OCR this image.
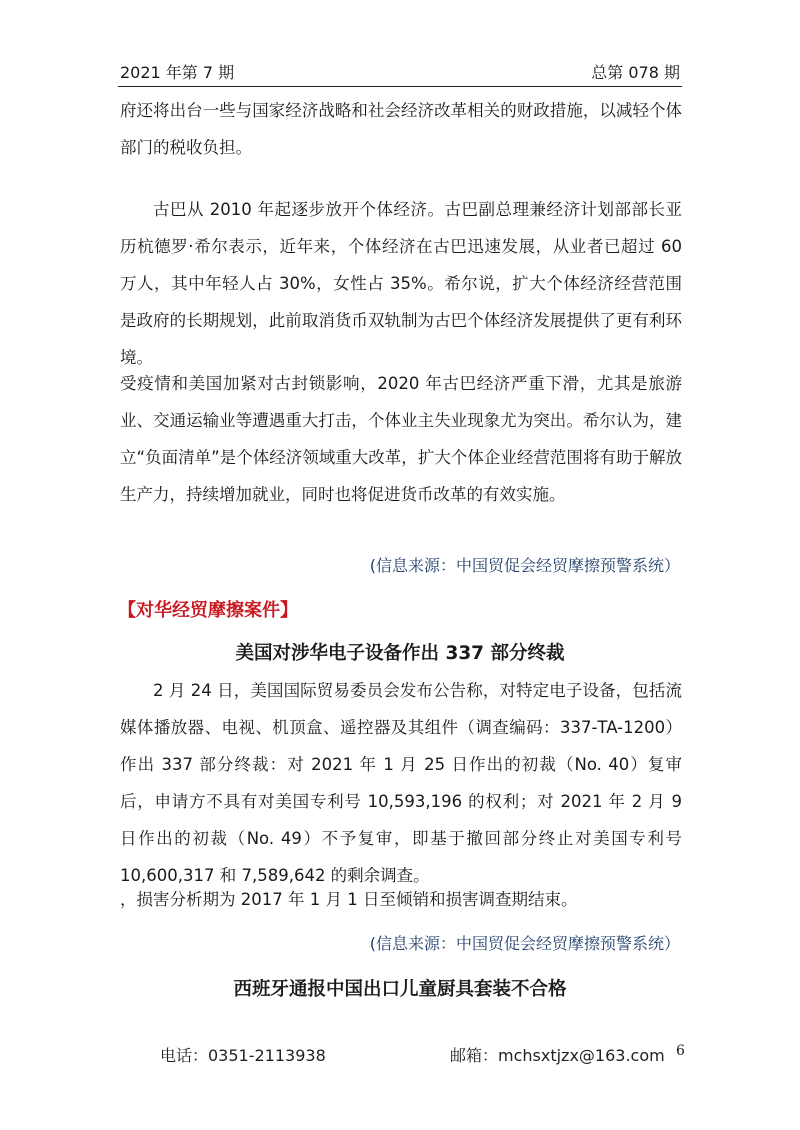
2021 年第 7 期	总第 078 期

府还将出台一些与国家经济战略和社会经济改革相关的财政措施，以减轻个体部门的税收负担。

古巴从 2010 年起逐步放开个体经济。古巴副总理兼经济计划部部长亚历杭德罗·希尔表示，近年来，个体经济在古巴迅速发展，从业者已超过 60 万人，其中年轻人占 30%，女性占 35%。希尔说，扩大个体经济经营范围是政府的长期规划，此前取消货币双轨制为古巴个体经济发展提供了更有利环境。

受疫情和美国加紧对古封锁影响，2020 年古巴经济严重下滑，尤其是旅游业、交通运输业等遭遇重大打击，个体业主失业现象尤为突出。希尔认为，建立“负面清单”是个体经济领域重大改革，扩大个体企业经营范围将有助于解放生产力，持续增加就业，同时也将促进货币改革的有效实施。

(信息来源：中国贸促会经贸摩擦预警系统）
【对华经贸摩擦案件】
美国对涉华电子设备作出 337 部分终裁

2 月 24 日，美国国际贸易委员会发布公告称，对特定电子设备，包括流媒体播放器、电视、机顶盒、遥控器及其组件（调查编码：337-TA-1200）作出 337 部分终裁：对 2021 年 1 月 25 日作出的初裁（No. 40）复审后，申请方不具有对美国专利号 10,593,196 的权利；对 2021 年 2 月 9 日作出的初裁（No. 49）不予复审，即基于撤回部分终止对美国专利号 10,600,317 和 7,589,642 的剩余调查。

，损害分析期为 2017 年 1 月 1 日至倾销和损害调查期结束。

(信息来源：中国贸促会经贸摩擦预警系统）
西班牙通报中国出口儿童厨具套装不合格
电话：0351-2113938	邮箱：mchsxtjzx@163.com 6
